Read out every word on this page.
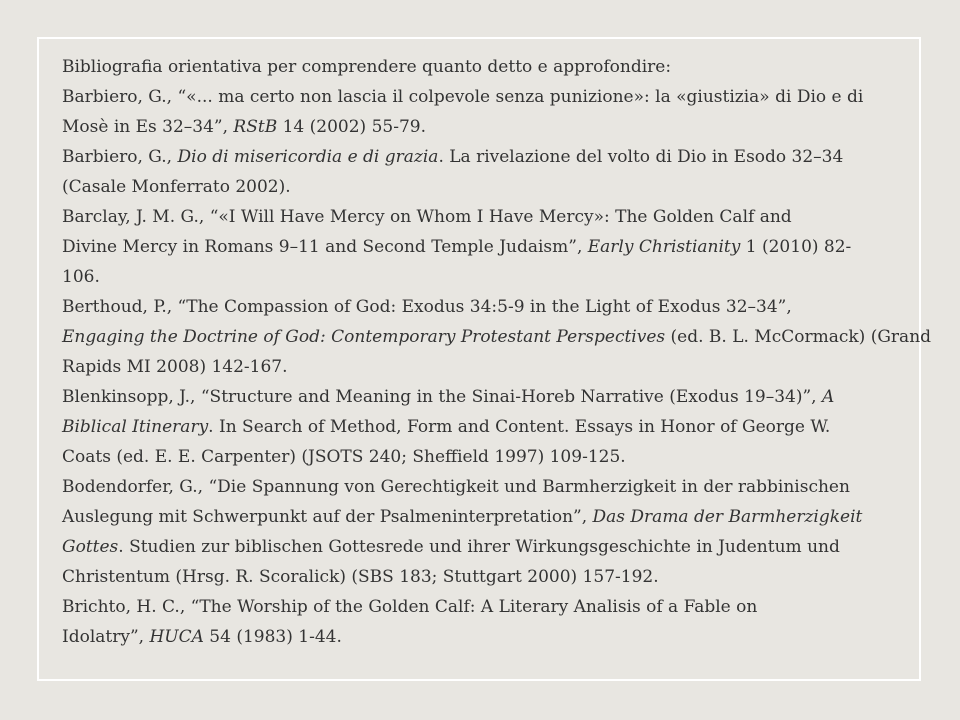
Bibliografia orientativa per comprendere quanto detto e approfondire:
Barbiero, G., “«... ma certo non lascia il colpevole senza punizione»: la «giustizia» di Dio e di
Mosè in Es 32–34”, RStB 14 (2002) 55-79.
Barbiero, G., Dio di misericordia e di grazia. La rivelazione del volto di Dio in Esodo 32–34
(Casale Monferrato 2002).
Barclay, J. M. G., “«I Will Have Mercy on Whom I Have Mercy»: The Golden Calf and
Divine Mercy in Romans 9–11 and Second Temple Judaism”, Early Christianity 1 (2010) 82-
106.
Berthoud, P., “The Compassion of God: Exodus 34:5-9 in the Light of Exodus 32–34”,
Engaging the Doctrine of God: Contemporary Protestant Perspectives (ed. B. L. McCormack) (Grand
Rapids MI 2008) 142-167.
Blenkinsopp, J., “Structure and Meaning in the Sinai-Horeb Narrative (Exodus 19–34)”, A
Biblical Itinerary. In Search of Method, Form and Content. Essays in Honor of George W.
Coats (ed. E. E. Carpenter) (JSOTS 240; Sheffield 1997) 109-125.
Bodendorfer, G., “Die Spannung von Gerechtigkeit und Barmherzigkeit in der rabbinischen
Auslegung mit Schwerpunkt auf der Psalmeninterpretation”, Das Drama der Barmherzigkeit
Gottes. Studien zur biblischen Gottesrede und ihrer Wirkungsgeschichte in Judentum und
Christentum (Hrsg. R. Scoralick) (SBS 183; Stuttgart 2000) 157-192.
Brichto, H. C., “The Worship of the Golden Calf: A Literary Analisis of a Fable on
Idolatry”, HUCA 54 (1983) 1-44.
